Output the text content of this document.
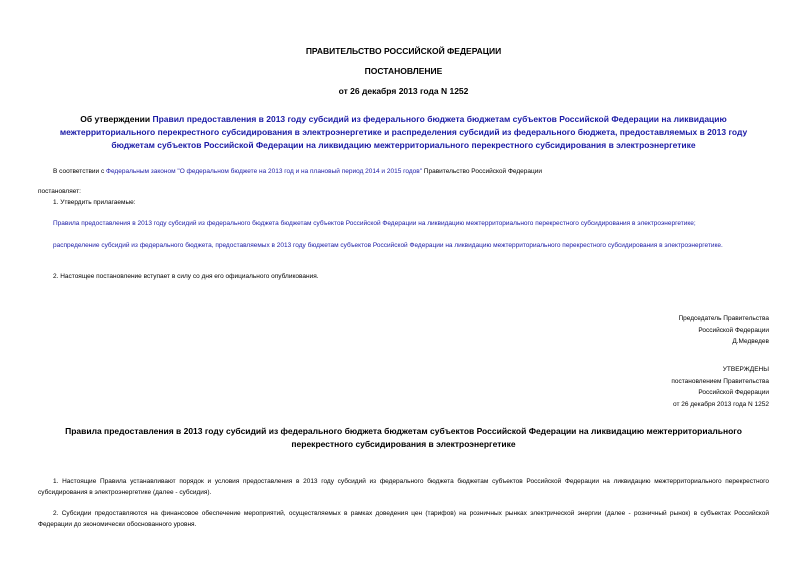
ПРАВИТЕЛЬСТВО РОССИЙСКОЙ ФЕДЕРАЦИИ
ПОСТАНОВЛЕНИЕ
от 26 декабря 2013 года N 1252
Об утверждении Правил предоставления в 2013 году субсидий из федерального бюджета бюджетам субъектов Российской Федерации на ликвидацию межтерриториального перекрестного субсидирования в электроэнергетике и распределения субсидий из федерального бюджета, предоставляемых в 2013 году бюджетам субъектов Российской Федерации на ликвидацию межтерриториального перекрестного субсидирования в электроэнергетике
В соответствии с Федеральным законом "О федеральном бюджете на 2013 год и на плановый период 2014 и 2015 годов" Правительство Российской Федерации
постановляет:
1. Утвердить прилагаемые:
Правила предоставления в 2013 году субсидий из федерального бюджета бюджетам субъектов Российской Федерации на ликвидацию межтерриториального перекрестного субсидирования в электроэнергетике;
распределение субсидий из федерального бюджета, предоставляемых в 2013 году бюджетам субъектов Российской Федерации на ликвидацию межтерриториального перекрестного субсидирования в электроэнергетике.
2. Настоящее постановление вступает в силу со дня его официального опубликования.
Председатель Правительства
Российской Федерации
Д.Медведев
УТВЕРЖДЕНЫ
постановлением Правительства
Российской Федерации
от 26 декабря 2013 года N 1252
Правила предоставления в 2013 году субсидий из федерального бюджета бюджетам субъектов Российской Федерации на ликвидацию межтерриториального перекрестного субсидирования в электроэнергетике
1. Настоящие Правила устанавливают порядок и условия предоставления в 2013 году субсидий из федерального бюджета бюджетам субъектов Российской Федерации на ликвидацию межтерриториального перекрестного субсидирования в электроэнергетике (далее - субсидия).
2. Субсидии предоставляются на финансовое обеспечение мероприятий, осуществляемых в рамках доведения цен (тарифов) на розничных рынках электрической энергии (далее - розничный рынок) в субъектах Российской Федерации до экономически обоснованного уровня.
